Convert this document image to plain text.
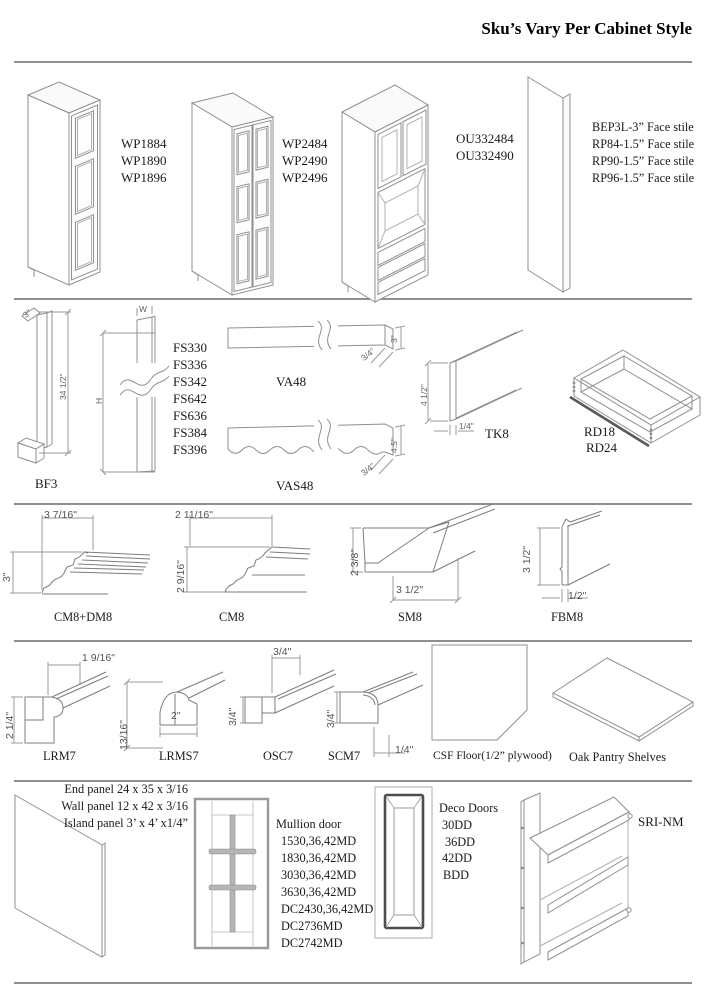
Sku’s Vary Per Cabinet Style
WP1884
WP1890
WP1896
WP2484
WP2490
WP2496
OU332484
OU332490
BEP3L-3” Face stile
RP84-1.5” Face stile
RP90-1.5” Face stile
RP96-1.5” Face stile
3"
34 1/2"
BF3
W
H
FS330
FS336
FS342
FS642
FS636
FS384
FS396
VA48
3"
3/4"
VAS48
4.5"
3/4"
4 1/2"
1/4" TK8	RD18
RD24
3 7/16"
3"
CM8+DM8
2 11/16"
2 9/16"
CM8
2 3/8"
3 1/2"
SM8
3 1/2"
1/2"
FBM8
1 9/16"
2 1/4"
LRM7
13/16"
2"
LRMS7
3/4"
3/4"
OSC7
3/4"
1/4"
SCM7	CSF Floor(1/2” plywood) Oak Pantry Shelves
End panel 24 x 35 x 3/16
Wall panel 12 x 42 x 3/16
Island panel 3’ x 4’ x1/4”	Mullion door
1530,36,42MD
1830,36,42MD
3030,36,42MD
3630,36,42MD
DC2430,36,42MD
DC2736MD
DC2742MD
Deco Doors
30DD
36DD
42DD
BDD
SRI-NM
